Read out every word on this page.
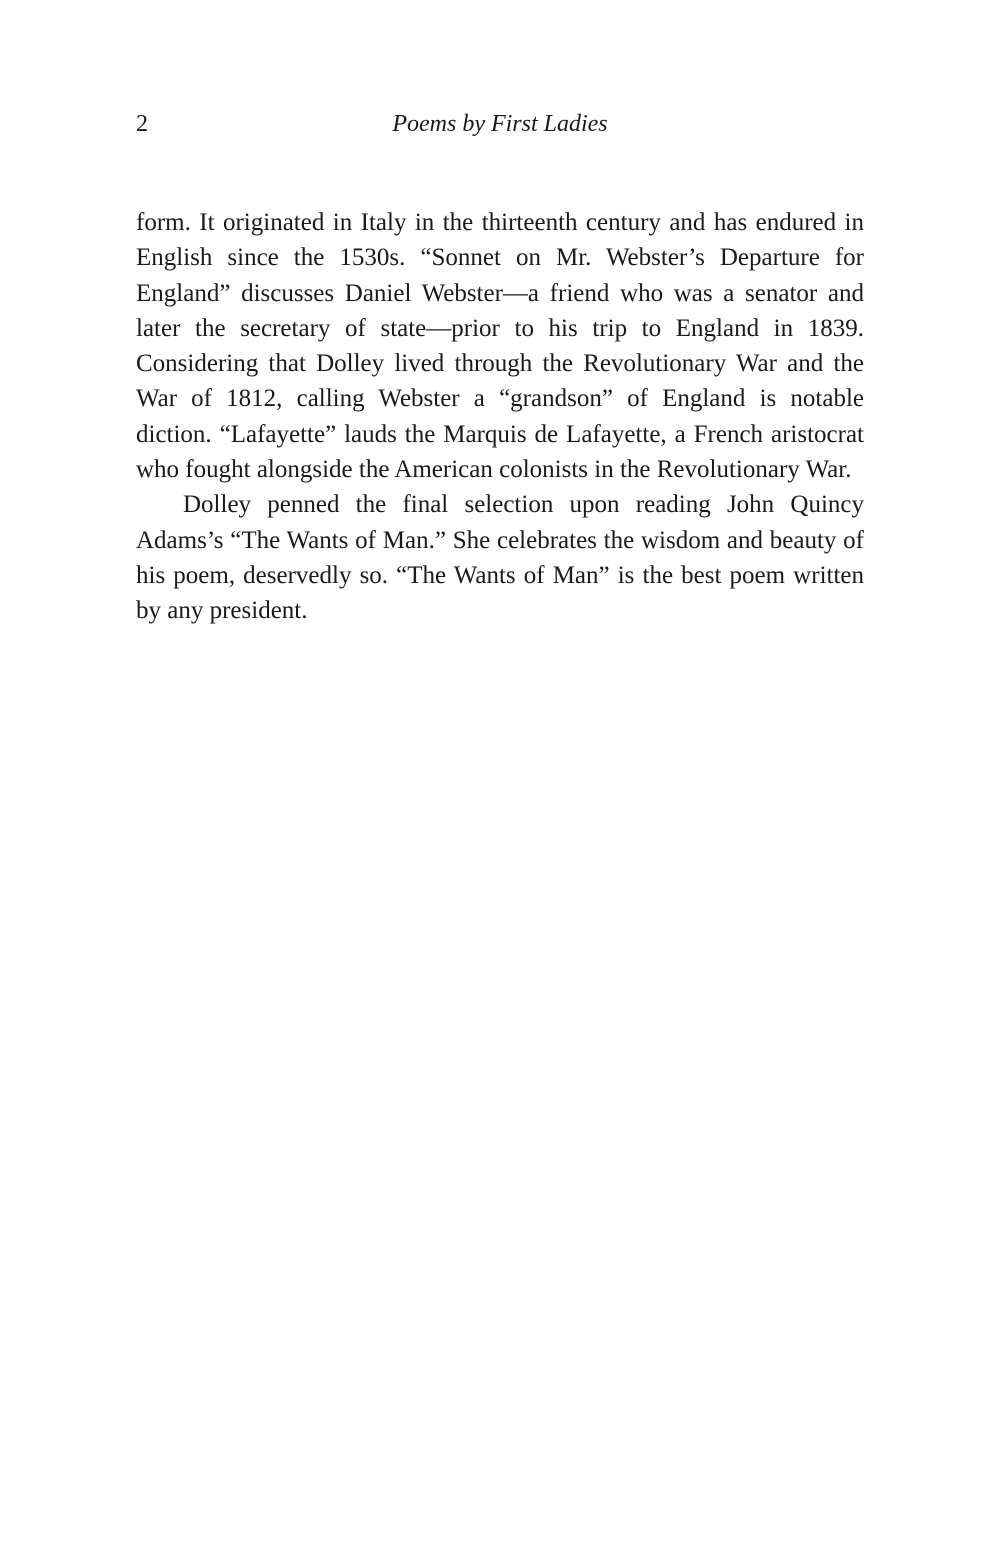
2	Poems by First Ladies

form. It originated in Italy in the thirteenth century and has endured in English since the 1530s. “Sonnet on Mr. Webster’s Departure for England” discusses Daniel Webster—a friend who was a senator and later the secretary of state—prior to his trip to England in 1839. Considering that Dolley lived through the Revolutionary War and the War of 1812, calling Webster a “grandson” of England is notable diction. “Lafayette” lauds the Marquis de Lafayette, a French aristocrat who fought alongside the American colonists in the Revolutionary War.

Dolley penned the final selection upon reading John Quincy Adams’s “The Wants of Man.” She celebrates the wisdom and beauty of his poem, deservedly so. “The Wants of Man” is the best poem written by any president.
